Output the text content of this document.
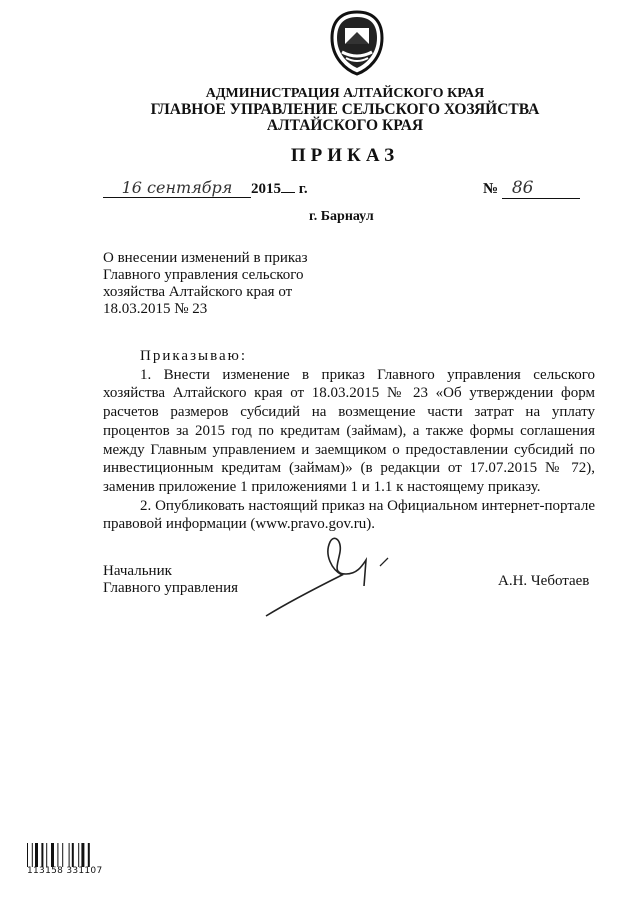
АДМИНИСТРАЦИЯ АЛТАЙСКОГО КРАЯ
ГЛАВНОЕ УПРАВЛЕНИЕ СЕЛЬСКОГО ХОЗЯЙСТВА
АЛТАЙСКОГО КРАЯ
ПРИКАЗ
16 сентября 2015 г.	№ 86
г. Барнаул
О внесении изменений в приказ Главного управления сельского хозяйства Алтайского края от 18.03.2015 № 23
Приказываю:

1. Внести изменение в приказ Главного управления сельского хозяйства Алтайского края от 18.03.2015 № 23 «Об утверждении форм расчетов размеров субсидий на возмещение части затрат на уплату процентов за 2015 год по кредитам (займам), а также формы соглашения между Главным управлением и заемщиком о предоставлении субсидий по инвестиционным кредитам (займам)» (в редакции от 17.07.2015 № 72), заменив приложение 1 приложениями 1 и 1.1 к настоящему приказу.

2. Опубликовать настоящий приказ на Официальном интернет-портале правовой информации (www.pravo.gov.ru).

Начальник
Главного управления	А.Н. Чеботаев
113158 331107
